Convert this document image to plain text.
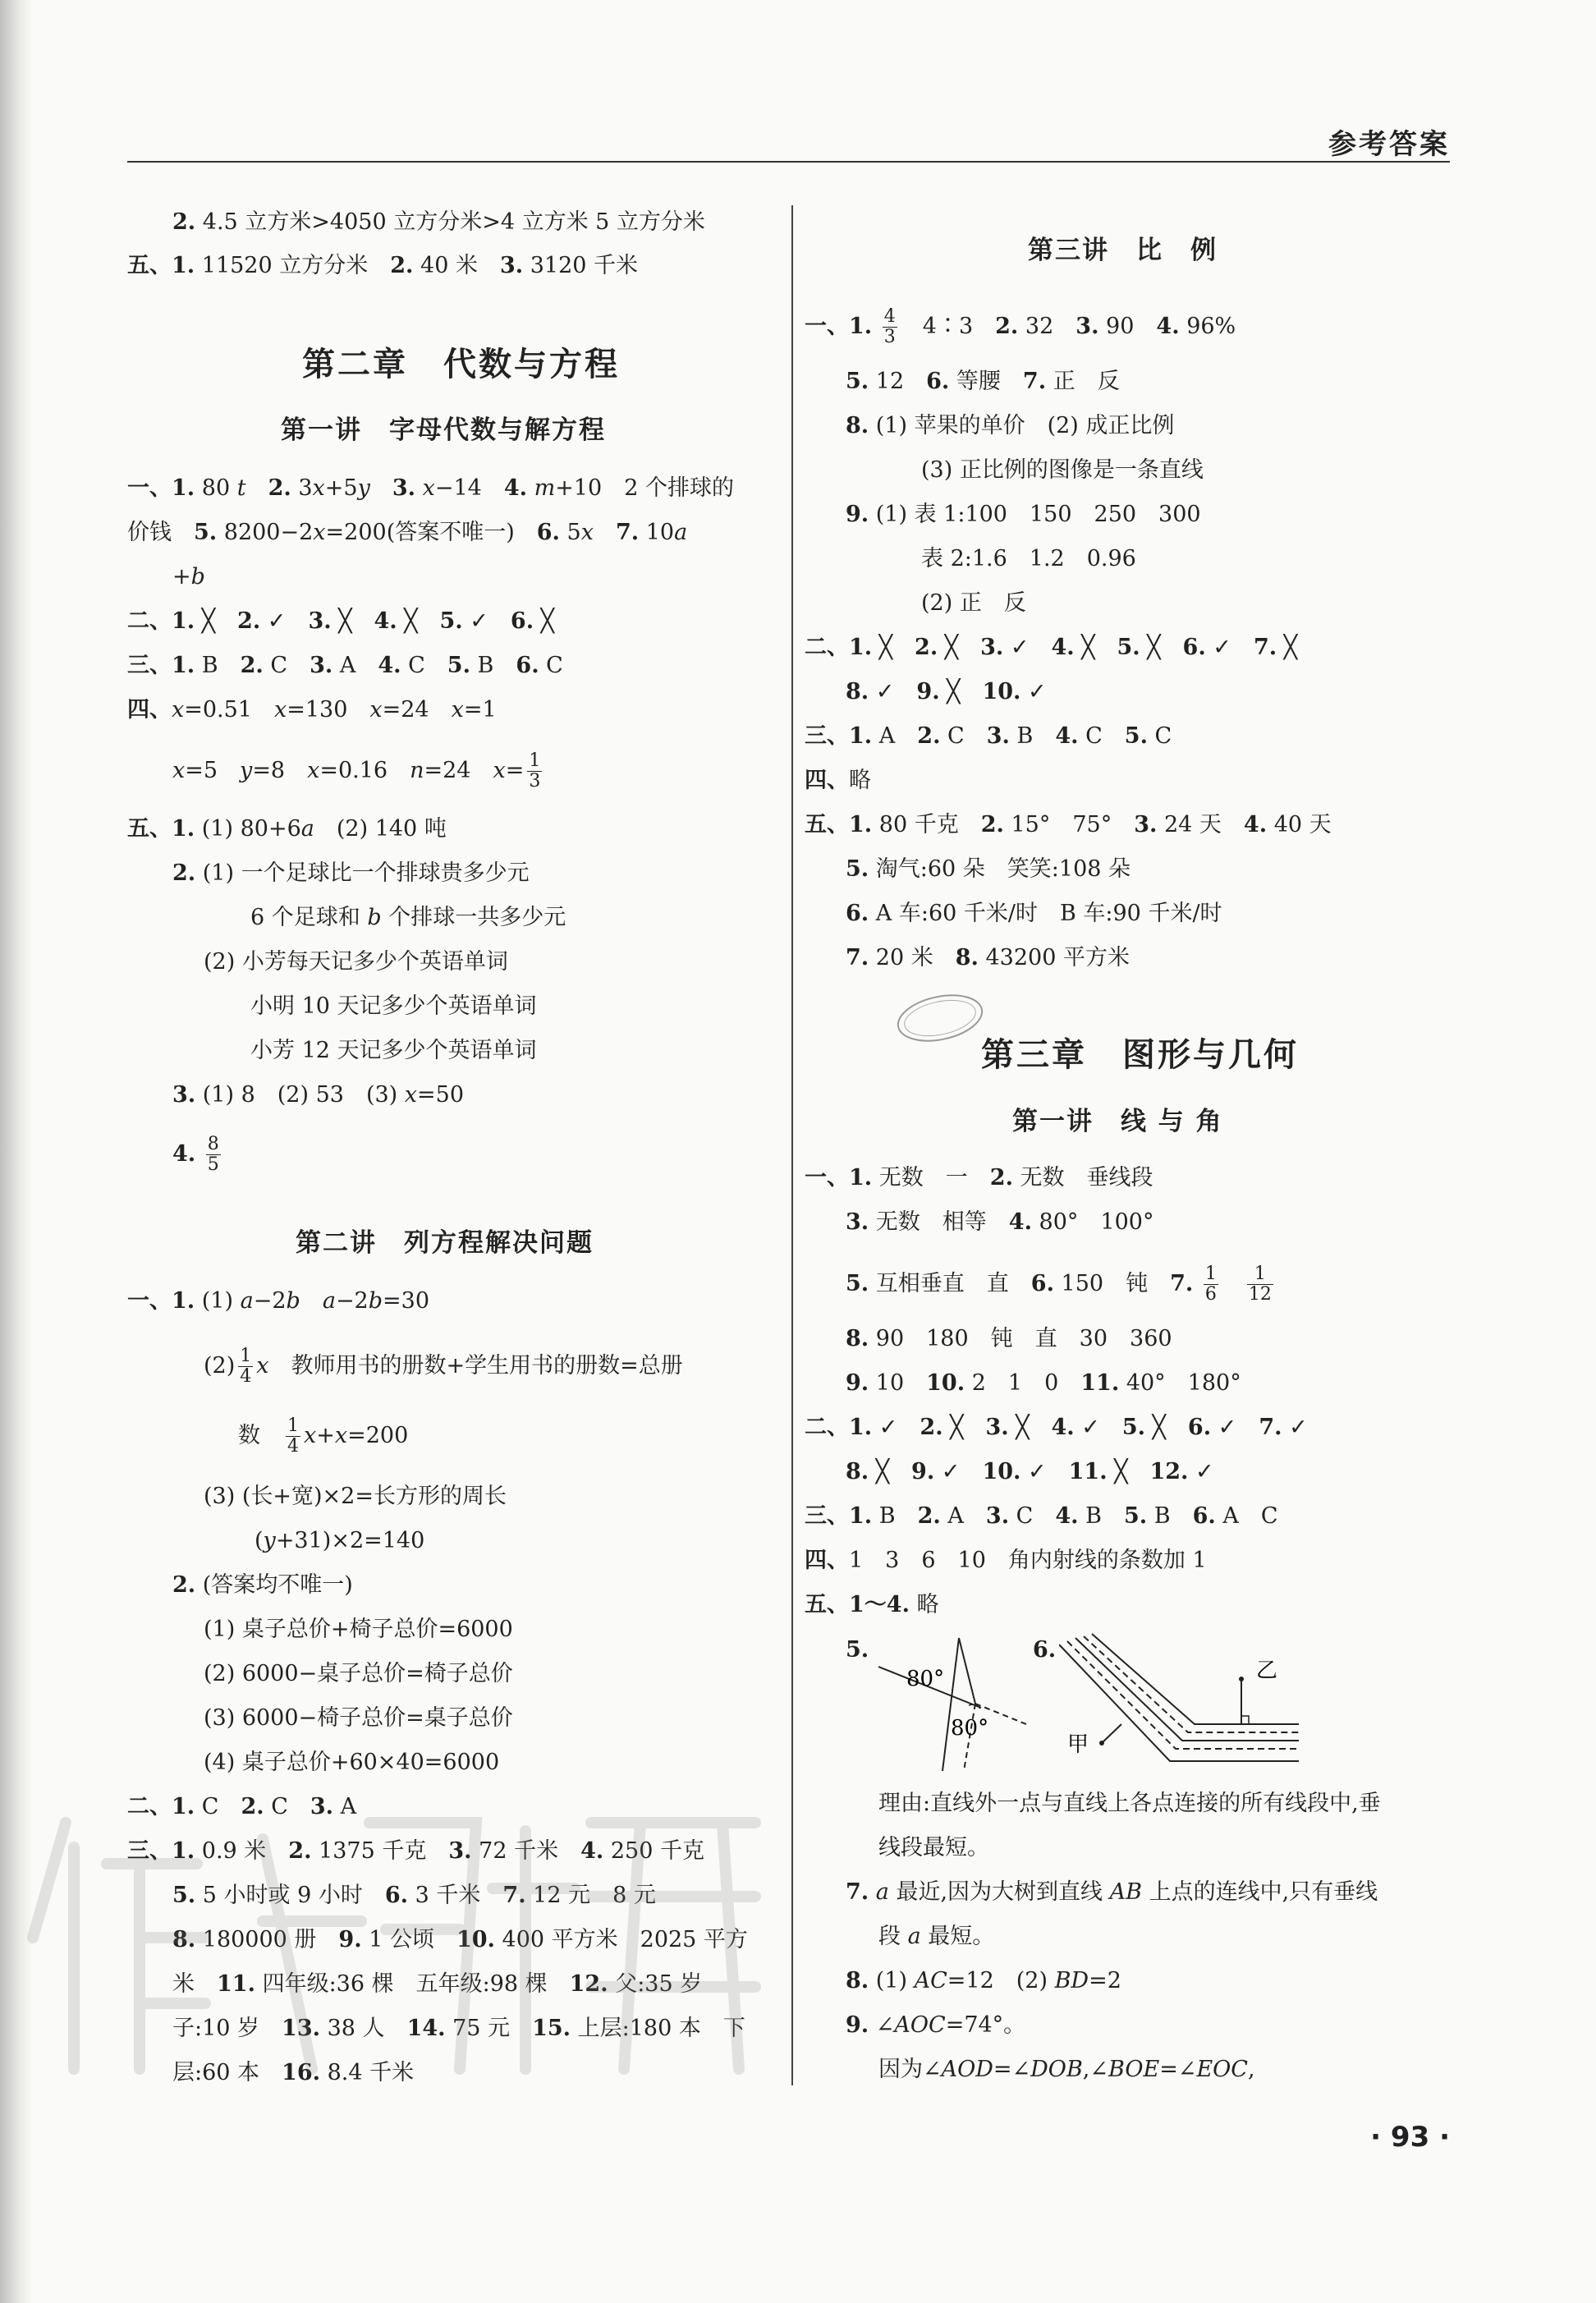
参考答案
2. 4.5 立方米>4050 立方分米>4 立方米 5 立方分米
五、1. 11520 立方分米　2. 40 米　3. 3120 千米
第二章　代数与方程
第一讲　字母代数与解方程
一、1. 80 t　 2. 3x+5y　 3. x−14　4. m+10　2 个排球的
价钱　5. 8200−2x=200(答案不唯一)　6. 5x　 7. 10a
+b
二、1. ╳　2. ✓　3. ╳　4. ╳　5. ✓　6. ╳
三、1. B　2. C　3. A　4. C　5. B　6. C
四、x=0.51　x=130　x=24　x=1
x=5　y=8　x=0.16　n=24　$x= \frac{1}{3}$
五、1. (1) 80+6a　(2) 140 吨
2. (1) 一个足球比一个排球贵多少元
6 个足球和 b 个排球一共多少元
(2) 小芳每天记多少个英语单词
小明 10 天记多少个英语单词
小芳 12 天记多少个英语单词
3. (1) 8　(2) 53　(3) x=50
4. $\frac{8}{5}$
第二讲　列方程解决问题
一、1. (1) a−2b　 a−2b=30
$(2) \frac{1}{4}$ x　教师用书的册数+学生用书的册数=总册
数　 $\frac{1}{4} x+x=200$
(3) (长+宽)×2=长方形的周长
(y+31)×2=140
2. (答案均不唯一)
(1) 桌子总价+椅子总价=6000
(2) 6000−桌子总价=椅子总价
(3) 6000−椅子总价=桌子总价
(4) 桌子总价+60×40=6000
二、1. C　2. C　3. A
三、1. 0.9 米　2. 1375 千克　3. 72 千米　4. 250 千克
5. 5 小时或 9 小时　6. 3 千米　7. 12 元　8 元
8. 180000 册　9. 1 公顷　10. 400 平方米　2025 平方
米　11. 四年级:36 棵　五年级:98 棵　12. 父:35 岁
子:10 岁　13. 38 人　14. 75 元　15. 上层:180 本　下
层:60 本　16. 8.4 千米
第三讲　比　例
一、1. $\frac{4}{3}$ 　4∶3　2. 32　3. 90　4. 96%
5. 12　6. 等腰　7. 正　反
8. (1) 苹果的单价　(2) 成正比例
(3) 正比例的图像是一条直线
9. (1) 表 1:100　150　250　300
表 2:1.6　1.2　0.96
(2) 正　反
二、1. ╳　2. ╳　3. ✓　4. ╳　5. ╳　6. ✓　7. ╳
8. ✓　9. ╳　10. ✓
三、1. A　2. C　3. B　4. C　5. C
四、略
五、1. 80 千克　2. 15°　75°　3. 24 天　4. 40 天
5. 淘气:60 朵　笑笑:108 朵
6. A 车:60 千米/时　B 车:90 千米/时
7. 20 米　8. 43200 平方米
第三章　图形与几何
第一讲　线 与 角
一、1. 无数　一　2. 无数　垂线段
3. 无数　相等　4. 80°　100°
5. 互相垂直　直　6. 150　钝　7. $\frac{1}{6}$
　 $\frac{1}{12}$
8. 90　180　钝　直　30　360
9. 10　10. 2　1　0　11. 40°　180°
二、1. ✓　2. ╳　3. ╳　4. ✓　5. ╳　6. ✓　7. ✓
8. ╳　9. ✓　10. ✓　11. ╳　12. ✓
三、1. B　2. A　3. C　4. B　5. B　6. A　C
四、1　3　6　10　角内射线的条数加 1
五、1～4. 略
5.
80°
80°
6.
乙
甲
理由:直线外一点与直线上各点连接的所有线段中,垂
线段最短。
7. a 最近,因为大树到直线 AB 上点的连线中,只有垂线
段 a 最短。
8. (1) AC=12　(2) BD=2
9. ∠AOC=74°。
因为∠AOD=∠DOB,∠BOE=∠EOC,
· 93 ·
